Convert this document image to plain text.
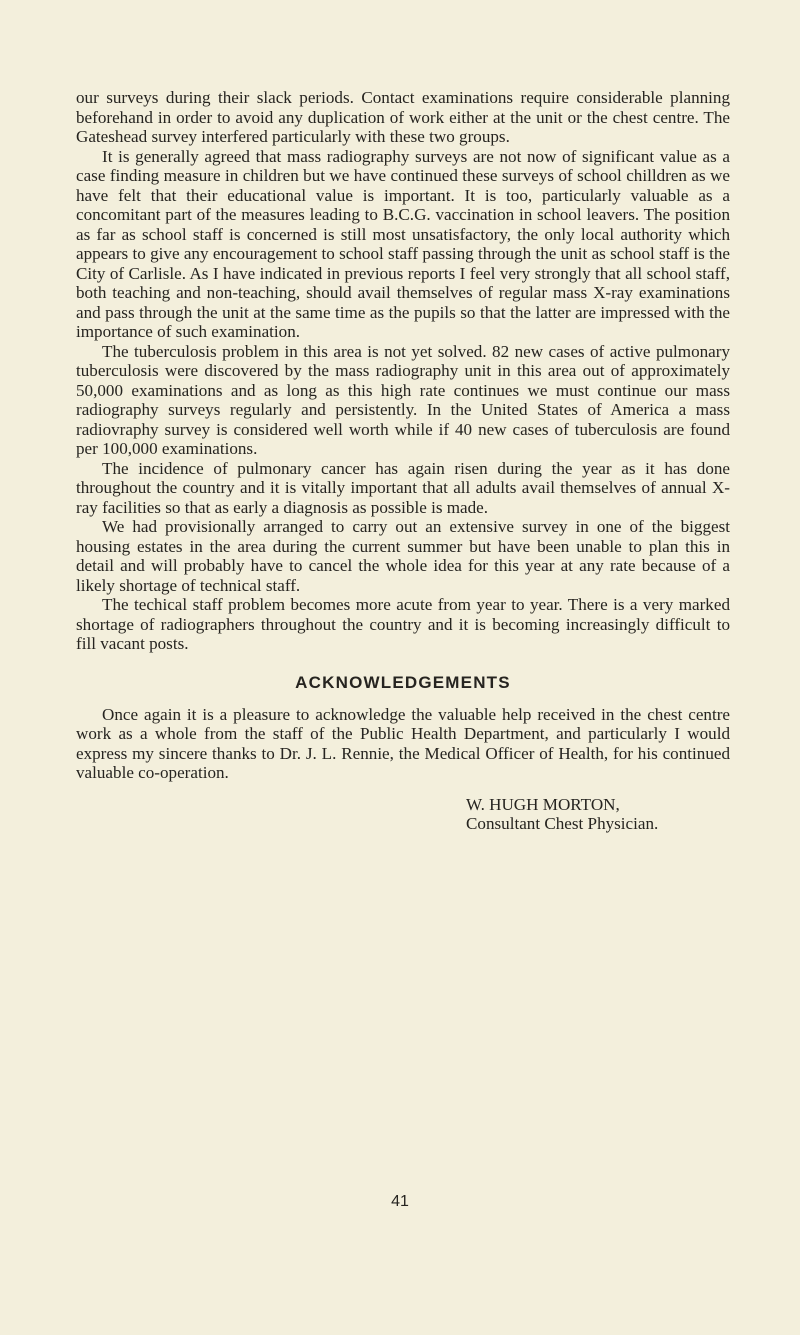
our surveys during their slack periods. Contact examinations require considerable planning beforehand in order to avoid any duplication of work either at the unit or the chest centre. The Gateshead survey interfered particularly with these two groups.

It is generally agreed that mass radiography surveys are not now of significant value as a case finding measure in children but we have continued these surveys of school chilldren as we have felt that their educational value is important. It is too, particularly valuable as a concomitant part of the measures leading to B.C.G. vaccination in school leavers. The position as far as school staff is concerned is still most unsatisfactory, the only local authority which appears to give any encouragement to school staff passing through the unit as school staff is the City of Carlisle. As I have indicated in previous reports I feel very strongly that all school staff, both teaching and non-teaching, should avail themselves of regular mass X-ray examinations and pass through the unit at the same time as the pupils so that the latter are impressed with the importance of such examination.

The tuberculosis problem in this area is not yet solved. 82 new cases of active pulmonary tuberculosis were discovered by the mass radiography unit in this area out of approximately 50,000 examinations and as long as this high rate continues we must continue our mass radiography surveys regularly and persistently. In the United States of America a mass radiovraphy survey is considered well worth while if 40 new cases of tuberculosis are found per 100,000 examinations.

The incidence of pulmonary cancer has again risen during the year as it has done throughout the country and it is vitally important that all adults avail themselves of annual X-ray facilities so that as early a diagnosis as possible is made.

We had provisionally arranged to carry out an extensive survey in one of the biggest housing estates in the area during the current summer but have been unable to plan this in detail and will probably have to cancel the whole idea for this year at any rate because of a likely shortage of technical staff.

The techical staff problem becomes more acute from year to year. There is a very marked shortage of radiographers throughout the country and it is becoming increasingly difficult to fill vacant posts.

ACKNOWLEDGEMENTS

Once again it is a pleasure to acknowledge the valuable help received in the chest centre work as a whole from the staff of the Public Health Department, and particularly I would express my sincere thanks to Dr. J. L. Rennie, the Medical Officer of Health, for his continued valuable co-operation.

W. HUGH MORTON,
Consultant Chest Physician.
41
